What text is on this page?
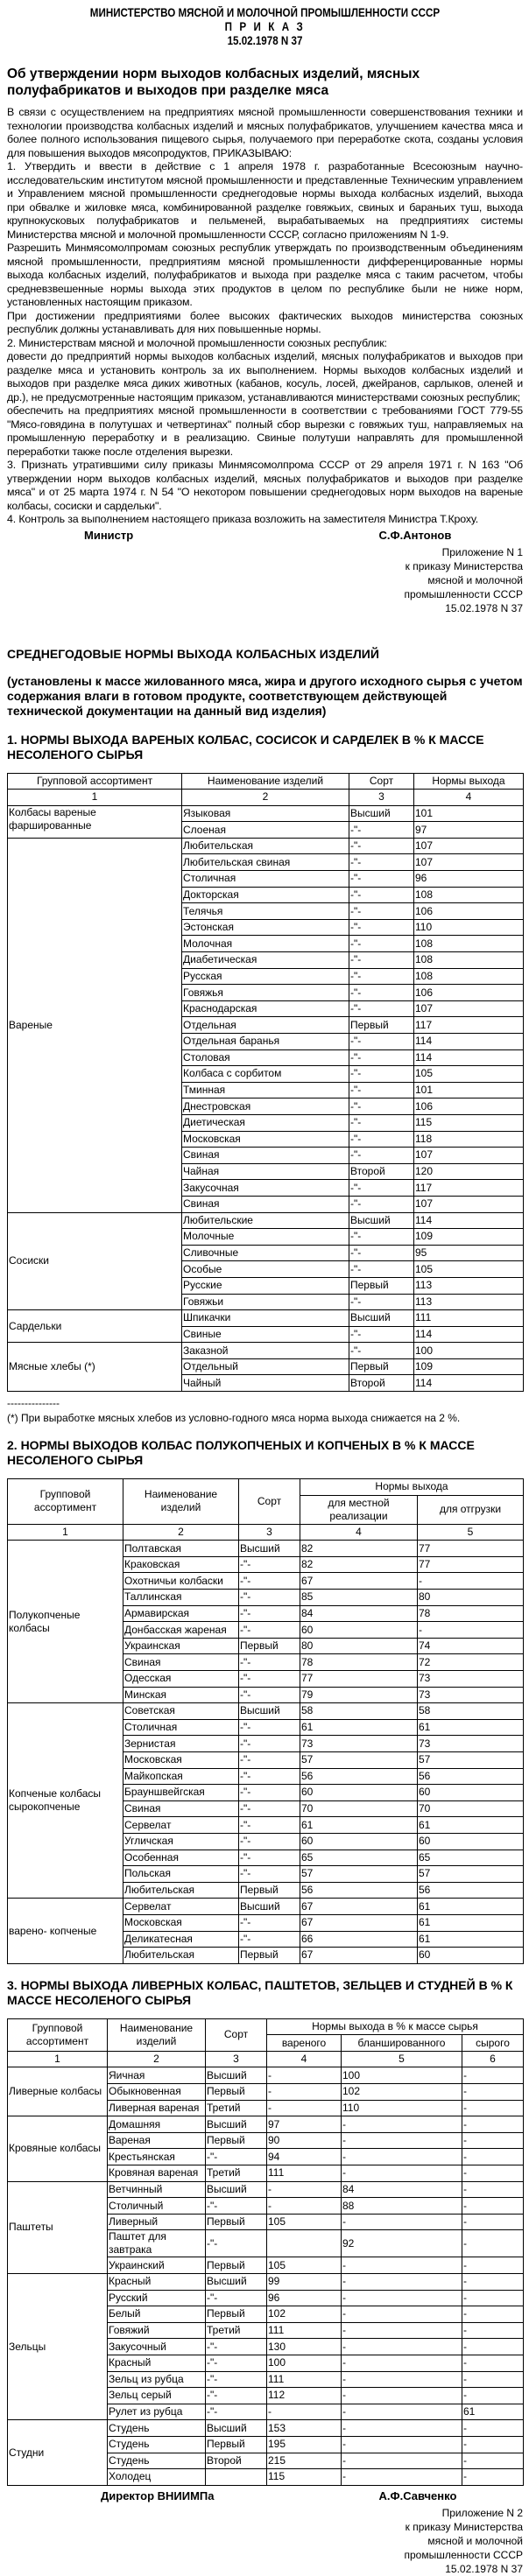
МИНИСТЕРСТВО МЯСНОЙ И МОЛОЧНОЙ ПРОМЫШЛЕННОСТИ СССР
П Р И К А З
15.02.1978 N 37
Об утверждении норм выходов колбасных изделий, мясных полуфабрикатов и выходов при разделке мяса

В связи с осуществлением на предприятиях мясной промышленности совершенствования техники и технологии производства колбасных изделий и мясных полуфабрикатов, улучшением качества мяса и более полного использования пищевого сырья, получаемого при переработке скота, созданы условия для повышения выходов мясопродуктов, ПРИКАЗЫВАЮ:

1. Утвердить и ввести в действие с 1 апреля 1978 г. разработанные Всесоюзным научно-исследовательским институтом мясной промышленности и представленные Техническим управлением и Управлением мясной промышленности среднегодовые нормы выхода колбасных изделий, выхода при обвалке и жиловке мяса, комбинированной разделке говяжьих, свиных и бараньих туш, выхода крупнокусковых полуфабрикатов и пельменей, вырабатываемых на предприятиях системы Министерства мясной и молочной промышленности СССР, согласно приложениям N 1-9.

Разрешить Минмясомолпромам союзных республик утверждать по производственным объединениям мясной промышленности, предприятиям мясной промышленности дифференцированные нормы выхода колбасных изделий, полуфабрикатов и выхода при разделке мяса с таким расчетом, чтобы средневзвешенные нормы выхода этих продуктов в целом по республике были не ниже норм, установленных настоящим приказом.

При достижении предприятиями более высоких фактических выходов министерства союзных республик должны устанавливать для них повышенные нормы.

2. Министерствам мясной и молочной промышленности союзных республик:

довести до предприятий нормы выходов колбасных изделий, мясных полуфабрикатов и выходов при разделке мяса и установить контроль за их выполнением. Нормы выходов колбасных изделий и выходов при разделке мяса диких животных (кабанов, косуль, лосей, джейранов, сарлыков, оленей и др.), не предусмотренные настоящим приказом, устанавливаются министерствами союзных республик;

обеспечить на предприятиях мясной промышленности в соответствии с требованиями ГОСТ 779-55 "Мясо-говядина в полутушах и четвертинах" полный сбор вырезки с говяжьих туш, направляемых на промышленную переработку и в реализацию. Свиные полутуши направлять для промышленной переработки также после отделения вырезки.

3. Признать утратившими силу приказы Минмясомолпрома СССР от 29 апреля 1971 г. N 163 "Об утверждении норм выходов колбасных изделий, мясных полуфабрикатов и выходов при разделке мяса" и от 25 марта 1974 г. N 54 "О некотором повышении среднегодовых норм выходов на вареные колбасы, сосиски и сардельки".

4. Контроль за выполнением настоящего приказа возложить на заместителя Министра Т.Кроху.

Министр	С.Ф.Антонов
Приложение N 1
к приказу Министерства
мясной и молочной
промышленности СССР
15.02.1978 N 37
СРЕДНЕГОДОВЫЕ НОРМЫ ВЫХОДА КОЛБАСНЫХ ИЗДЕЛИЙ
(установлены к массе жилованного мяса, жира и другого исходного сырья с учетом содержания влаги в готовом продукте, соответствующем действующей технической документации на данный вид изделия)
1. НОРМЫ ВЫХОДА ВАРЕНЫХ КОЛБАС, СОСИСОК И САРДЕЛЕК В % К МАССЕ НЕСОЛЕНОГО СЫРЬЯ
Групповой ассортимент	Наименование изделий	Сорт	Нормы выхода
1	2	3	4
Колбасы вареные фаршированные	Языковая	Высший	101
	Слоеная	-"-	97
Вареные	Любительская	-"-	107
	Любительская свиная	-"-	107
	Столичная	-"-	96
	Докторская	-"-	108
	Телячья	-"-	106
	Эстонская	-"-	110
	Молочная	-"-	108
	Диабетическая	-"-	108
	Русская	-"-	108
	Говяжья	-"-	106
	Краснодарская	-"-	107
	Отдельная	Первый	117
	Отдельная баранья	-"-	114
	Столовая	-"-	114
	Колбаса с сорбитом	-"-	105
	Тминная	-"-	101
	Днестровская	-"-	106
	Диетическая	-"-	115
	Московская	-"-	118
	Свиная	-"-	107
	Чайная	Второй	120
	Закусочная	-"-	117
	Свиная	-"-	107
Сосиски	Любительские	Высший	114
	Молочные	-"-	109
	Сливочные	-"-	95
	Особые	-"-	105
	Русские	Первый	113
	Говяжьи	-"-	113
Сардельки	Шпикачки	Высший	111
	Свиные	-"-	114
Мясные хлебы (*)	Заказной	-"-	100
	Отдельный	Первый	109
	Чайный	Второй	114
---------------
(*) При выработке мясных хлебов из условно-годного мяса норма выхода снижается на 2 %.
2. НОРМЫ ВЫХОДОВ КОЛБАС ПОЛУКОПЧЕНЫХ И КОПЧЕНЫХ В % К МАССЕ НЕСОЛЕНОГО СЫРЬЯ
Групповой ассортимент	Наименование изделий	Сорт	Нормы выхода	
			для местной реализации	для отгрузки
1	2	3	4	5
Полукопченые колбасы	Полтавская	Высший	82	77
	Краковская	-"-	82	77
	Охотничьи колбаски	-"-	67	-
	Таллинская	-"-	85	80
	Армавирская	-"-	84	78
	Донбасская жареная	-"-	60	-
	Украинская	Первый	80	74
	Свиная	-"-	78	72
	Одесская	-"-	77	73
	Минская	-"-	79	73
Копченые колбасы сырокопченые	Советская	Высший	58	58
	Столичная	-"-	61	61
	Зернистая	-"-	73	73
	Московская	-"-	57	57
	Майкопская	-"-	56	56
	Брауншвейгская	-"-	60	60
	Свиная	-"-	70	70
	Сервелат	-"-	61	61
	Угличская	-"-	60	60
	Особенная	-"-	65	65
	Польская	-"-	57	57
	Любительская	Первый	56	56
варено- копченые	Сервелат	Высший	67	61
	Московская	-"-	67	61
	Деликатесная	-"-	66	61
	Любительская	Первый	67	60
3. НОРМЫ ВЫХОДА ЛИВЕРНЫХ КОЛБАС, ПАШТЕТОВ, ЗЕЛЬЦЕВ И СТУДНЕЙ В % К МАССЕ НЕСОЛЕНОГО СЫРЬЯ
Групповой ассортимент	Наименование изделий	Сорт	Нормы выхода в % к массе сырья		
			вареного	бланшированного	сырого
1	2	3	4	5	6
Ливерные колбасы	Яичная	Высший	-	100	-
	Обыкновенная	Первый	-	102	-
	Ливерная вареная	Третий	-	110	-
Кровяные колбасы	Домашняя	Высший	97	-	-
	Вареная	Первый	90	-	-
	Крестьянская	-"-	94	-	-
	Кровяная вареная	Третий	111	-	-
Паштеты	Ветчинный	Высший	-	84	-
	Столичный	-"-	-	88	-
	Ливерный	Первый	105	-	-
	Паштет для завтрака	-"-		92	-
	Украинский	Первый	105	-	-
Зельцы	Красный	Высший	99	-	-
	Русский	-"-	96	-	-
	Белый	Первый	102	-	-
	Говяжий	Третий	111	-	-
	Закусочный	-"-	130	-	-
	Красный	-"-	100	-	-
	Зельц из рубца	-"-	111	-	-
	Зельц серый	-"-	112	-	-
	Рулет из рубца	-"-	-	-	61
Студни	Студень	Высший	153	-	-
	Студень	Первый	195	-	-
	Студень	Второй	215	-	-
	Холодец		115	-	-
Директор ВНИИМПа	А.Ф.Савченко
Приложение N 2
к приказу Министерства
мясной и молочной
промышленности СССР
15.02.1978 N 37
